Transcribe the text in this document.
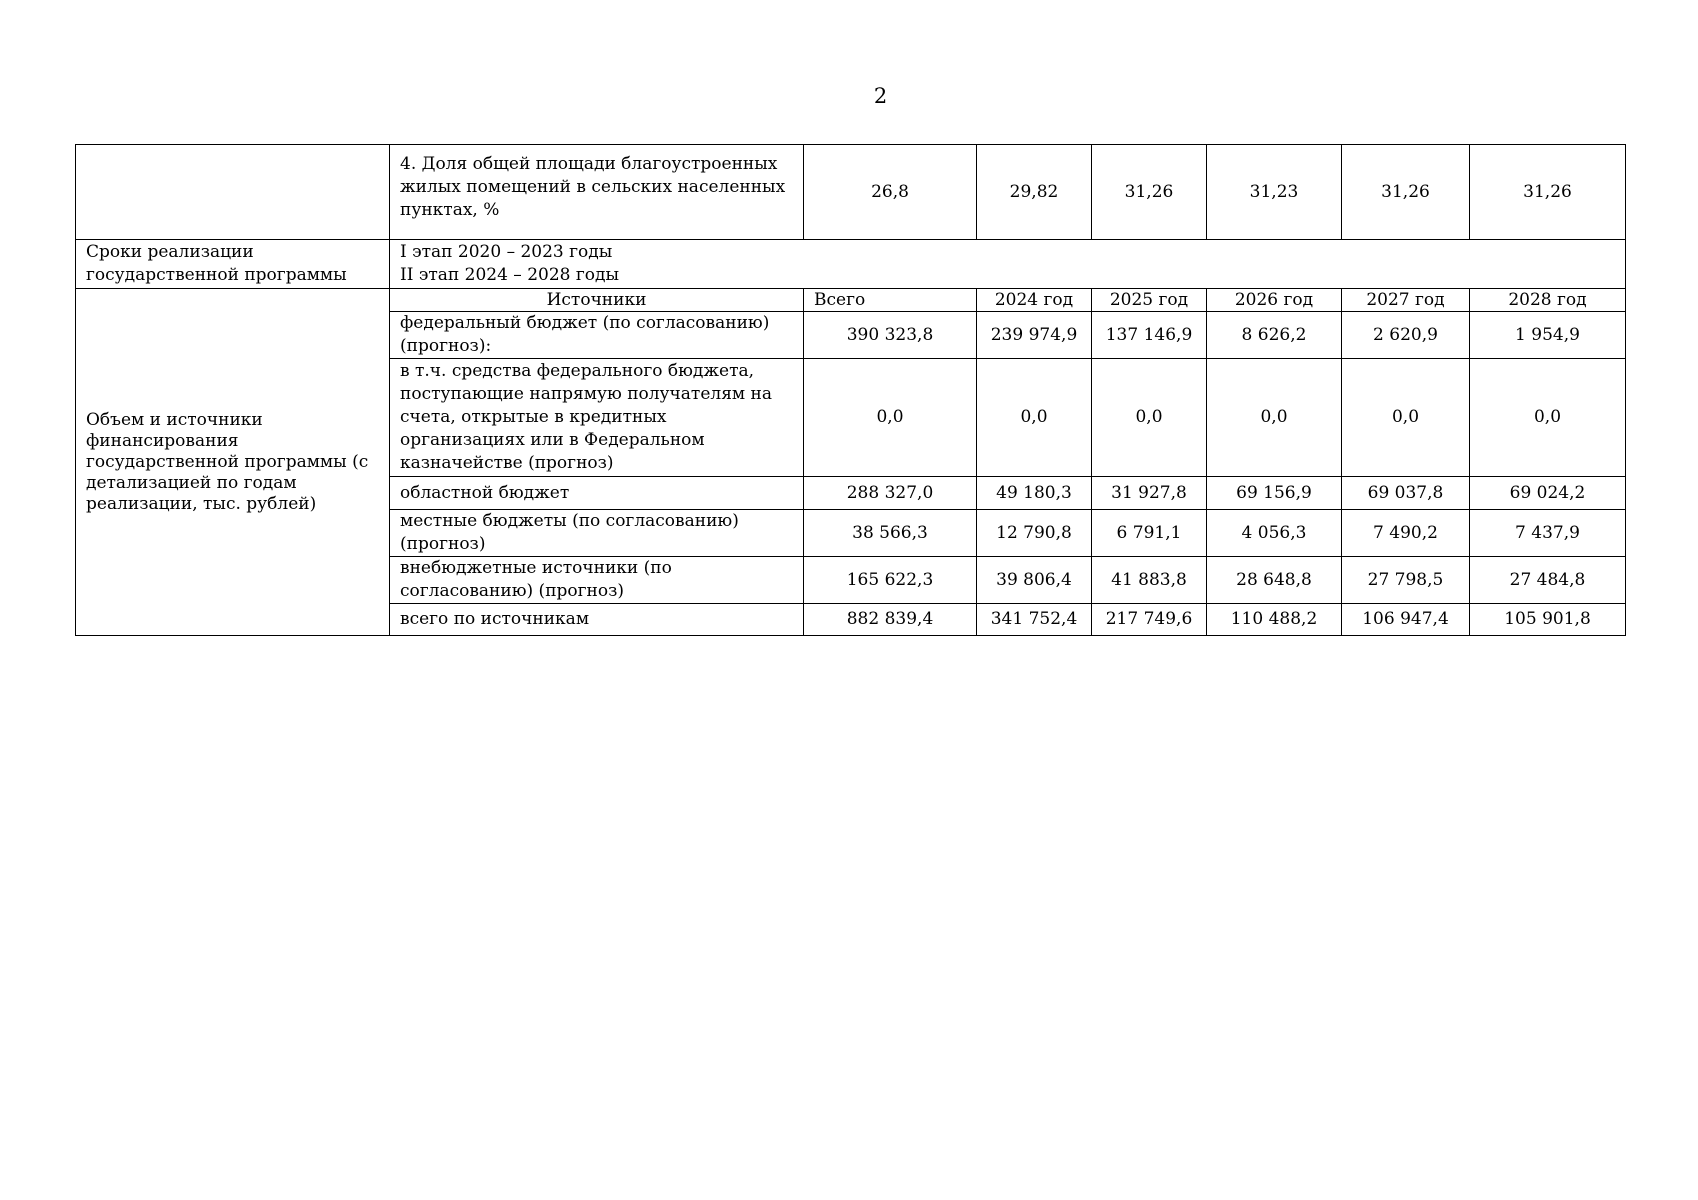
2
	4. Доля общей площади благоустроенных жилых помещений в сельских населенных пунктах, %	26,8	29,82	31,26	31,23	31,26	31,26
Сроки реализации государственной программы	I этап 2020 – 2023 годы
II этап 2024 – 2028 годы						

Объем и источники финансирования государственной программы (с детализацией по годам реализации, тыс. рублей)	Источники	Всего	2024 год	2025 год	2026 год	2027 год	2028 год
	федеральный бюджет (по согласованию) (прогноз):	390 323,8	239 974,9	137 146,9	8 626,2	2 620,9	1 954,9
	в т.ч. средства федерального бюджета, поступающие напрямую получателям на счета, открытые в кредитных организациях или в Федеральном казначействе (прогноз)	0,0	0,0	0,0	0,0	0,0	0,0
	областной бюджет	288 327,0	49 180,3	31 927,8	69 156,9	69 037,8	69 024,2
	местные бюджеты (по согласованию) (прогноз)	38 566,3	12 790,8	6 791,1	4 056,3	7 490,2	7 437,9
	внебюджетные источники (по согласованию) (прогноз)	165 622,3	39 806,4	41 883,8	28 648,8	27 798,5	27 484,8
	всего по источникам	882 839,4	341 752,4	217 749,6	110 488,2	106 947,4	105 901,8
